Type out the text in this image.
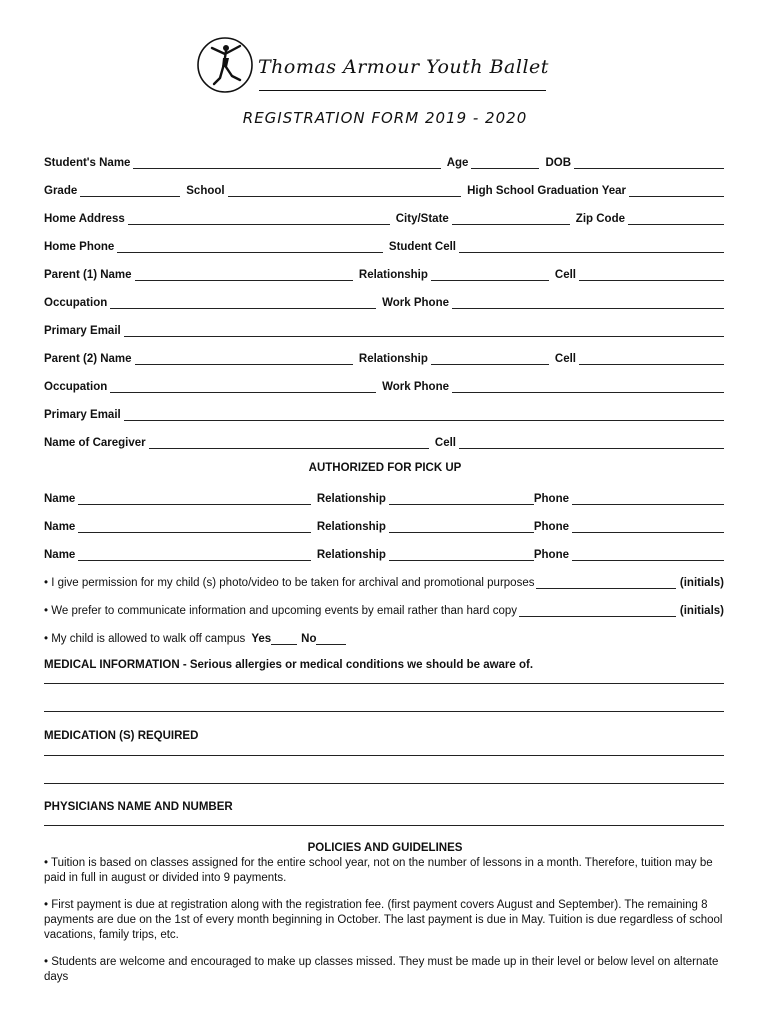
Thomas Armour Youth Ballet
REGISTRATION FORM 2019 - 2020
Student's Name	Age	DOB
Grade	School	High School Graduation Year
Home Address	City/State	Zip Code
Home Phone	Student Cell
Parent (1) Name	Relationship	Cell
Occupation	Work Phone
Primary Email
Parent (2) Name	Relationship	Cell
Occupation	Work Phone
Primary Email
Name of Caregiver	Cell
AUTHORIZED FOR PICK UP
Name	Relationship	Phone
Name	Relationship	Phone
Name	Relationship	Phone
• I give permission for my child (s) photo/video to be taken for archival and promotional purposes	(initials)
• We prefer to communicate information and upcoming events by email rather than hard copy	(initials)
• My child is allowed to walk off campus Yes	No
MEDICAL INFORMATION - Serious allergies or medical conditions we should be aware of.
MEDICATION (S) REQUIRED
PHYSICIANS NAME AND NUMBER
POLICIES AND GUIDELINES
• Tuition is based on classes assigned for the entire school year, not on the number of lessons in a month. Therefore, tuition may be paid in full in august or divided into 9 payments.
• First payment is due at registration along with the registration fee. (first payment covers August and September). The remaining 8 payments are due on the 1st of every month beginning in October. The last payment is due in May. Tuition is due regardless of school vacations, family trips, etc.
• Students are welcome and encouraged to make up classes missed. They must be made up in their level or below level on alternate days
